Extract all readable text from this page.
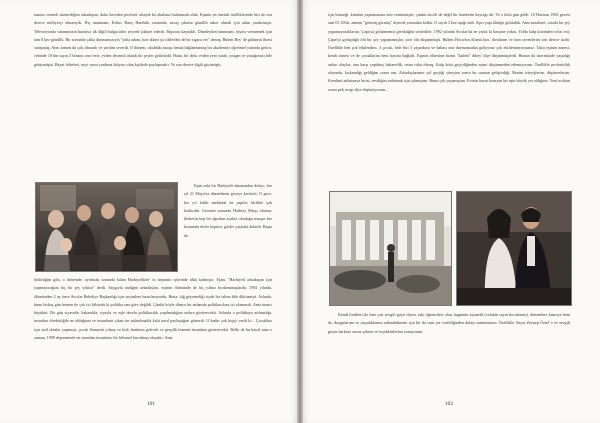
taması vermek istemediğim arkadaşım, daha önceden profesör olsaydı ba okuluna bulunmadı oldu. Eşimin en önemli özelliklerinde biri de son derece milliyetçi olmasıydı. Hiç unutmam, Kıbrıs Barış Harekâtı sırasında, savaş çıkarsa gönüllü asker olmak için adını yazdırmıştı. Televizyonda vatanımızın hurdaya ilk diğili bulgucailer seyredi şikâyet ederdi. Başvuru kaynaklı. Dimdeyken unutmam, rüyası vermemek için tam 8 kez gönüllü. Bir sonunda çalka duymamızıyla "yuha adam, bari ıkkeri şu ciftlerden de bir sigara ver" demiş; Bülent Bey' de gülümsü ibrasi sürüşmüş. Aynı zaman da çok zihnanlı ve yardım severdi. O dönem, okuldaki maaşı henüz bağlanmamış bir akademiyi öğretmel yanında getirir, cebinde 10 bin sayın 5 binsını ona verir; evden devamlı olarak bir şeyler götürürdü. Hatta, bir defa, evden yeni yatak, yorgan ve yastığımızı bile götürmüştü. Hayat felsefesi, neyi varsa yardıma ihtiyacı olan kişilerle paylaşmaktı. Ve son derece ülgili görünüştü.

Eşim eski bir Harbiyeli olmasından dolayı, her yıl 21 Mayıs'ta düzenlenen geceye katılırdı. O gece, her yıl farklı mekânda da yapılır; birlikte çok katılırdık. Gecenin sonunda Harbiye Marşı okunur, herkesin hep bir ağızdan ayakta okuduğu marşın her kısmında türler koparır, gözler yaşlarla dolardı. Başta da

belirttiğim gibi, o dönemde, ayrılmak sonunda kalan Harbiyelikler' in hepsinin içlerinde ülkü kalmıştır. Eşim, "Harbiyeli arkadaşım için yapmayacağım hiç bir şey yoktur" derdi. Saygıyla andığım arkadaşları, eşimin ölümünde de hiç yalnız bırakmamışlardır. 1992 yılında, ölümünden 2 ay önce Avcılar Belediye Başkanlığı için seçimlere hazırlanıyordu. Hatta, tüğ göyerneliği siyah bir takım bile diktirmişti. Aslında, bunu birkaç gün hemen de çok iyi bilsiydu ki politika ona göre değildi. Çünkü böyle dünya bir anlamda politikacılara iyi olamazdı. Ama inancı büyüktü. Bir gün siyasetle, hakarakla, riyayla ve eşle deselu politikacılık yapılmadığını onlara gösterecekti. Aslında o politikaya atılmadığı, insanları direktıfiğile ne olduğunu ve insanların çikan ise anlasılmakla kalıt nasıl paylaştığını gösterdi. O kadar çok kişiyi verdi ki... Çocukları için tatil olanlar yapmıştı; çocuk Sanayini yılmış ve kızlı bunların gelecek ve gençlik hizmeti insanlara gösterecekti. Belki de bu hayal uma o zaman, 1990 depreminde en zarardan insanların bir bilimsel kurulmuş olacaktı. Ama

101

için kimseği, kimdan yaşanmasına izin vermemiştir; çünkü önceli de değil bir hareketin bayrağı idi. Ve o kötü gün geldi. 10 Haziran 1992 gecesi saat 01.30'da, annem "görmüş görmüş" diyerek yanından kalktı. O sayılı 3 kez aşağı indi. Aşırı yapı kliniğe götürdük. Ama maalesef, ortada bir şey yapamayacaklarını. Çapa'ya götürmemiz gerektiğini söylediler. 1992 yılında Avcılar'da ne yazık ki hastane yoktu. Yolda kalp krizinden vefat etti; Çapa'ya görüştüğü ölü bir şey yapamamışlar, sözi ölü düşünmüştü. Bülent Hoca'nın ölümü bizi, dostlarım ve tüm sevenlerini son derece üzdü. Özellikle ben çok etkilendim. 3 çocuk, hele biri 3 yaşındaya ve babası ona duymamadan gidiyoruz çok etkilenmiyorsunuz. Tabii eşimin annesi, kendi annesi ve de çocuklarını beni hayata bağladı. Eşimin ölümüne bizim "kadim" dikey' diye düşünmüşlerdi. Bunun da üzerimizde yaşadığı onları olaylar, ona karşı yapılmış hakaretlik, onun ruhu olmuş. Kalp krizi geçirdiğinden eşimi düşünmeden edemiyorum. Özellikle profesörlük olayında, kıskandığı geldiğim sonra sen. Arkadaşlarımın yol geçtiği süreçten sonra bu sanatın geliştirdiği. Benim isteyişlerim, düşüncelerim. Kendimi anlatmaya birisi, sevdiğim anlatmak için çıkmıştım. Bunu çok yaşamıştım. Evinin hayat koruyan bir eşin büyük yer aldığımı. Yeni acıktan sonra pek sevgi diye düşünüyorum...

Kendi ifadeleri ile bize çok sevgili gayri diyen, eski öğrencileri olan, bugünün kıymetli (velakin sayın hocalarımı), dönemlere kimsiye hem de, duygularımı ve yaşadıklarımı anlatabilmemi için bir iki satır yer verildiğinden dolayı minnettarım. Özellikle, Sayın Zeynep Öztel' e ve sevgili geçen herkese onsuz çekme ve teşekkürlerimi sunuyorum.

102
